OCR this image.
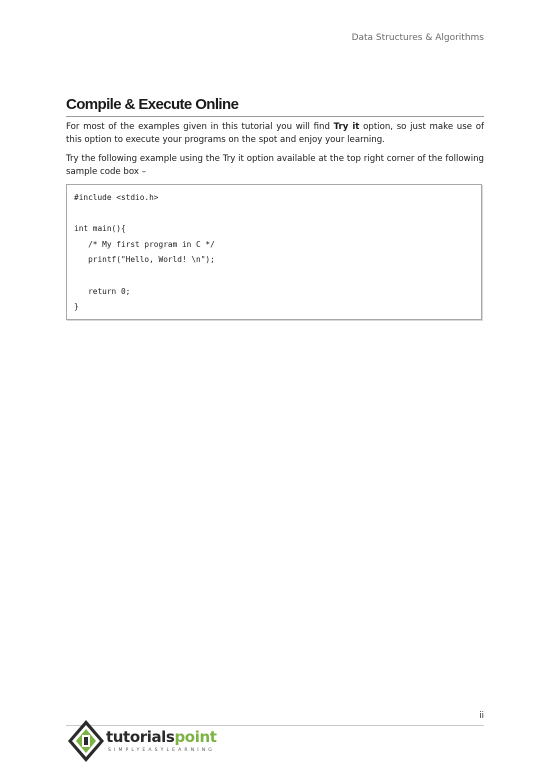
Data Structures & Algorithms
Compile & Execute Online

For most of the examples given in this tutorial you will find Try it option, so just make use of this option to execute your programs on the spot and enjoy your learning.

Try the following example using the Try it option available at the top right corner of the following sample code box –

#include <stdio.h>
int main(){
/* My first program in C */
printf("Hello, World! \n");
return 0;
}
ii
tutorialspoint
SIMPLYEASYLEARNING
